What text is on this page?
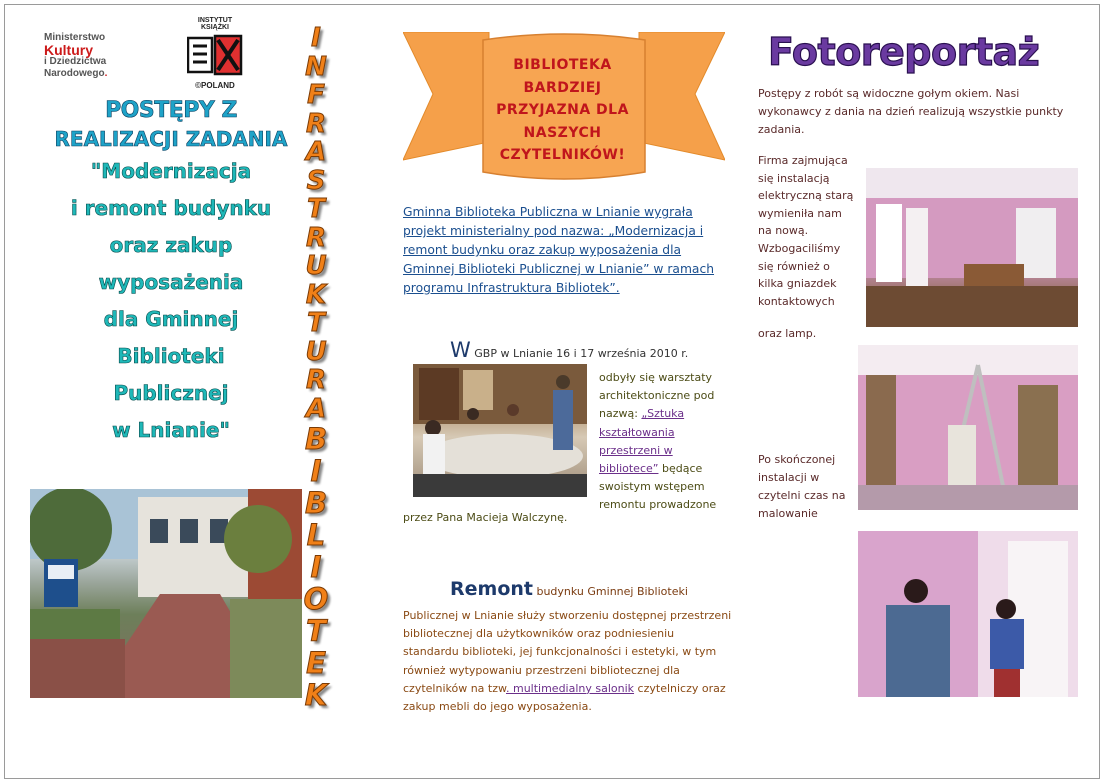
Ministerstwo
Kultury
i Dziedzictwa
Narodowego.
INSTYTUT KSIĄŻKI
©POLAND
POSTĘPY Z
REALIZACJI ZADANIA
"Modernizacja
i remont budynku
oraz zakup
wyposażenia
dla Gminnej
Biblioteki
Publicznej
w Lnianie"
I
N
F
R
A
S
T
R
U
K
T
U
R
A
B
I
B
L
I
O
T
E
K
BIBLIOTEKA
BARDZIEJ
PRZYJAZNA DLA
NASZYCH
CZYTELNIKÓW!
Gminna Biblioteka Publiczna w Lnianie wygrała projekt ministerialny pod nazwa: „Modernizacja i remont budynku oraz zakup wyposażenia dla Gminnej Biblioteki Publicznej w Lnianie” w ramach programu Infrastruktura Bibliotek”.
W GBP w Lnianie 16 i 17 września 2010 r.
odbyły się warsztaty architektoniczne pod nazwą: „Sztuka kształtowania przestrzeni w bibliotece” będące swoistym wstępem remontu prowadzone
przez Pana Macieja Walczynę.
Remont budynku Gminnej Biblioteki
Publicznej w Lnianie służy stworzeniu dostępnej przestrzeni bibliotecznej dla użytkowników oraz podniesieniu standardu biblioteki, jej funkcjonalności i estetyki, w tym również wytypowaniu przestrzeni bibliotecznej dla czytelników na tzw. multimedialny salonik czytelniczy oraz zakup mebli do jego wyposażenia.
Fotoreportaż
Postępy z robót są widoczne gołym okiem. Nasi wykonawcy z dania na dzień realizują wszystkie punkty zadania.
Firma zajmująca się instalacją elektryczną starą wymieniła nam na nową. Wzbogaciliśmy się również o kilka gniazdek kontaktowych
oraz lamp.
Po skończonej instalacji w czytelni czas na malowanie
